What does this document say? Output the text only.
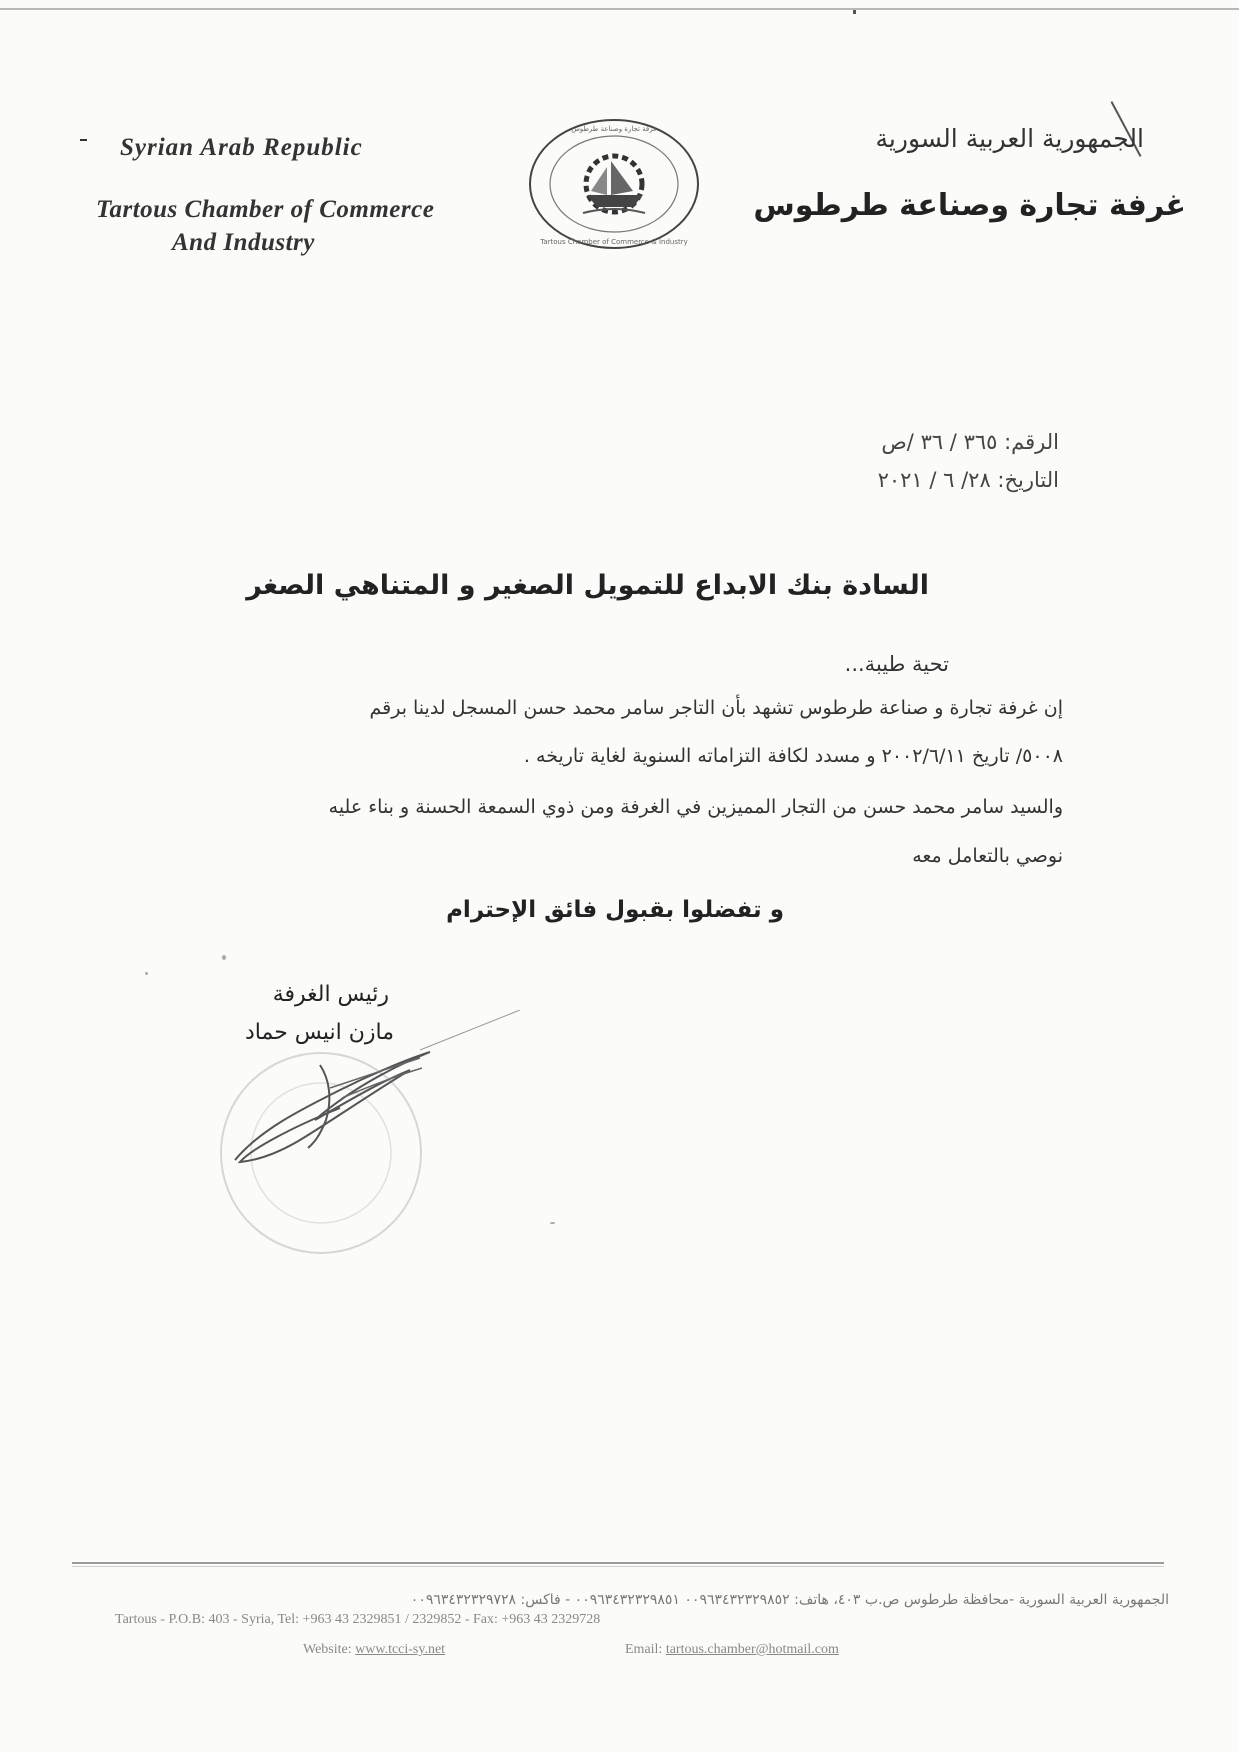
Syrian Arab Republic
Tartous Chamber of Commerce
And Industry
غرفة تجارة وصناعة طرطوس
Tartous Chamber of Commerce & Industry
الجمهورية العربية السورية
غرفة تجارة وصناعة طرطوس
الرقم: ٣٦٥ / ٣٦ /ص
التاريخ: ٢٨/ ٦ / ٢٠٢١
السادة بنك الابداع للتمويل الصغير و المتناهي الصغر
تحية طيبة...
إن غرفة تجارة و صناعة طرطوس تشهد بأن التاجر سامر محمد حسن المسجل لدينا برقم
٥٠٠٨/ تاريخ ٢٠٠٢/٦/١١ و مسدد لكافة التزاماته السنوية لغاية تاريخه .
والسيد سامر محمد حسن من التجار المميزين في الغرفة ومن ذوي السمعة الحسنة و بناء عليه
نوصي بالتعامل معه
و تفضلوا بقبول فائق الإحترام
رئيس الغرفة
مازن انيس حماد
الجمهورية العربية السورية -محافظة طرطوس ص.ب ٤٠٣، هاتف: ٠٠٩٦٣٤٣٢٣٢٩٨٥٢ ٠٠٩٦٣٤٣٢٣٢٩٨٥١ - فاكس: ٠٠٩٦٣٤٣٢٣٢٩٧٢٨
Tartous - P.O.B: 403 - Syria, Tel: +963 43 2329851 / 2329852 - Fax: +963 43 2329728
Website: www.tcci-sy.net	Email: tartous.chamber@hotmail.com
